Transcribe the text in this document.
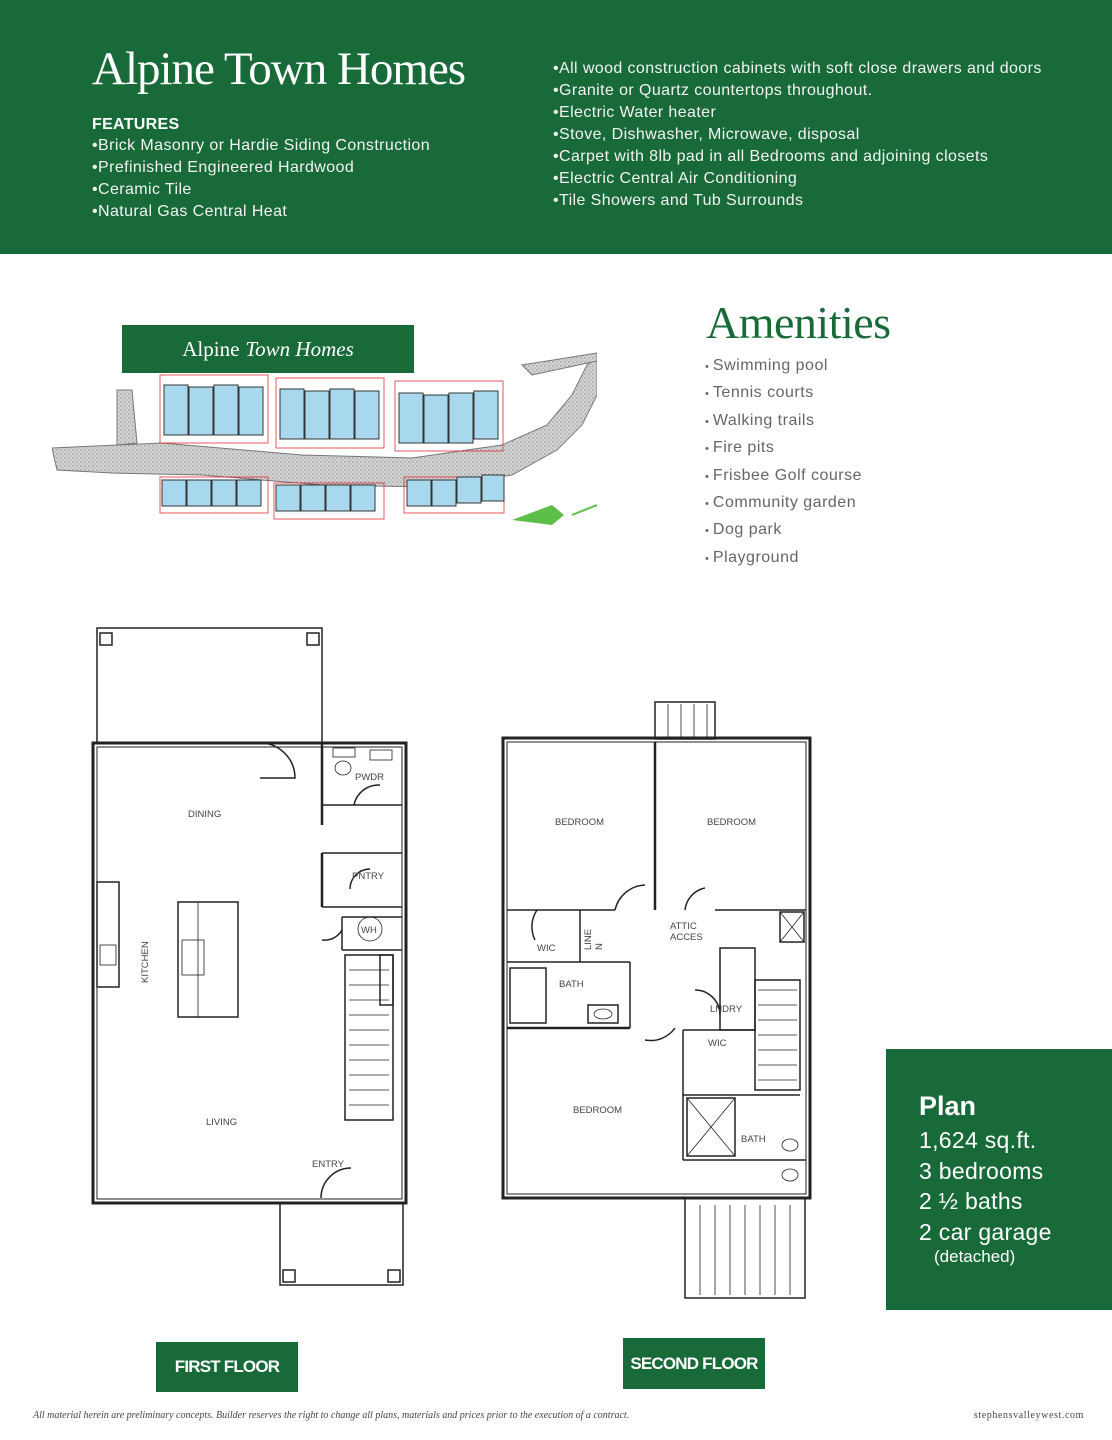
Alpine Town Homes
FEATURES
• Brick Masonry or Hardie Siding Construction
• Prefinished Engineered Hardwood
• Ceramic Tile
• Natural Gas Central Heat
• All wood construction cabinets with soft close drawers and doors
• Granite or Quartz countertops throughout.
• Electric Water heater
• Stove, Dishwasher, Microwave, disposal
• Carpet with 8lb pad in all Bedrooms and adjoining closets
• Electric Central Air Conditioning
• Tile Showers and Tub Surrounds
Alpine Town Homes
Amenities
• Swimming pool
• Tennis courts
• Walking trails
• Fire pits
• Frisbee Golf course
• Community garden
• Dog park
• Playground
DINING
PWDR
PNTRY
WH
KITCHEN
LIVING
ENTRY
BEDROOM	BEDROOM
WIC	LINE N
ATTIC
ACCES
BATH
LNDRY
WIC
BEDROOM
BATH
Plan
1,624 sq.ft.
3 bedrooms
2 ½ baths
2 car garage
(detached)
FIRST FLOOR	SECOND FLOOR
All material herein are preliminary concepts. Builder reserves the right to change all plans, materials and prices prior to the execution of a contract.	stephensvalleywest.com
